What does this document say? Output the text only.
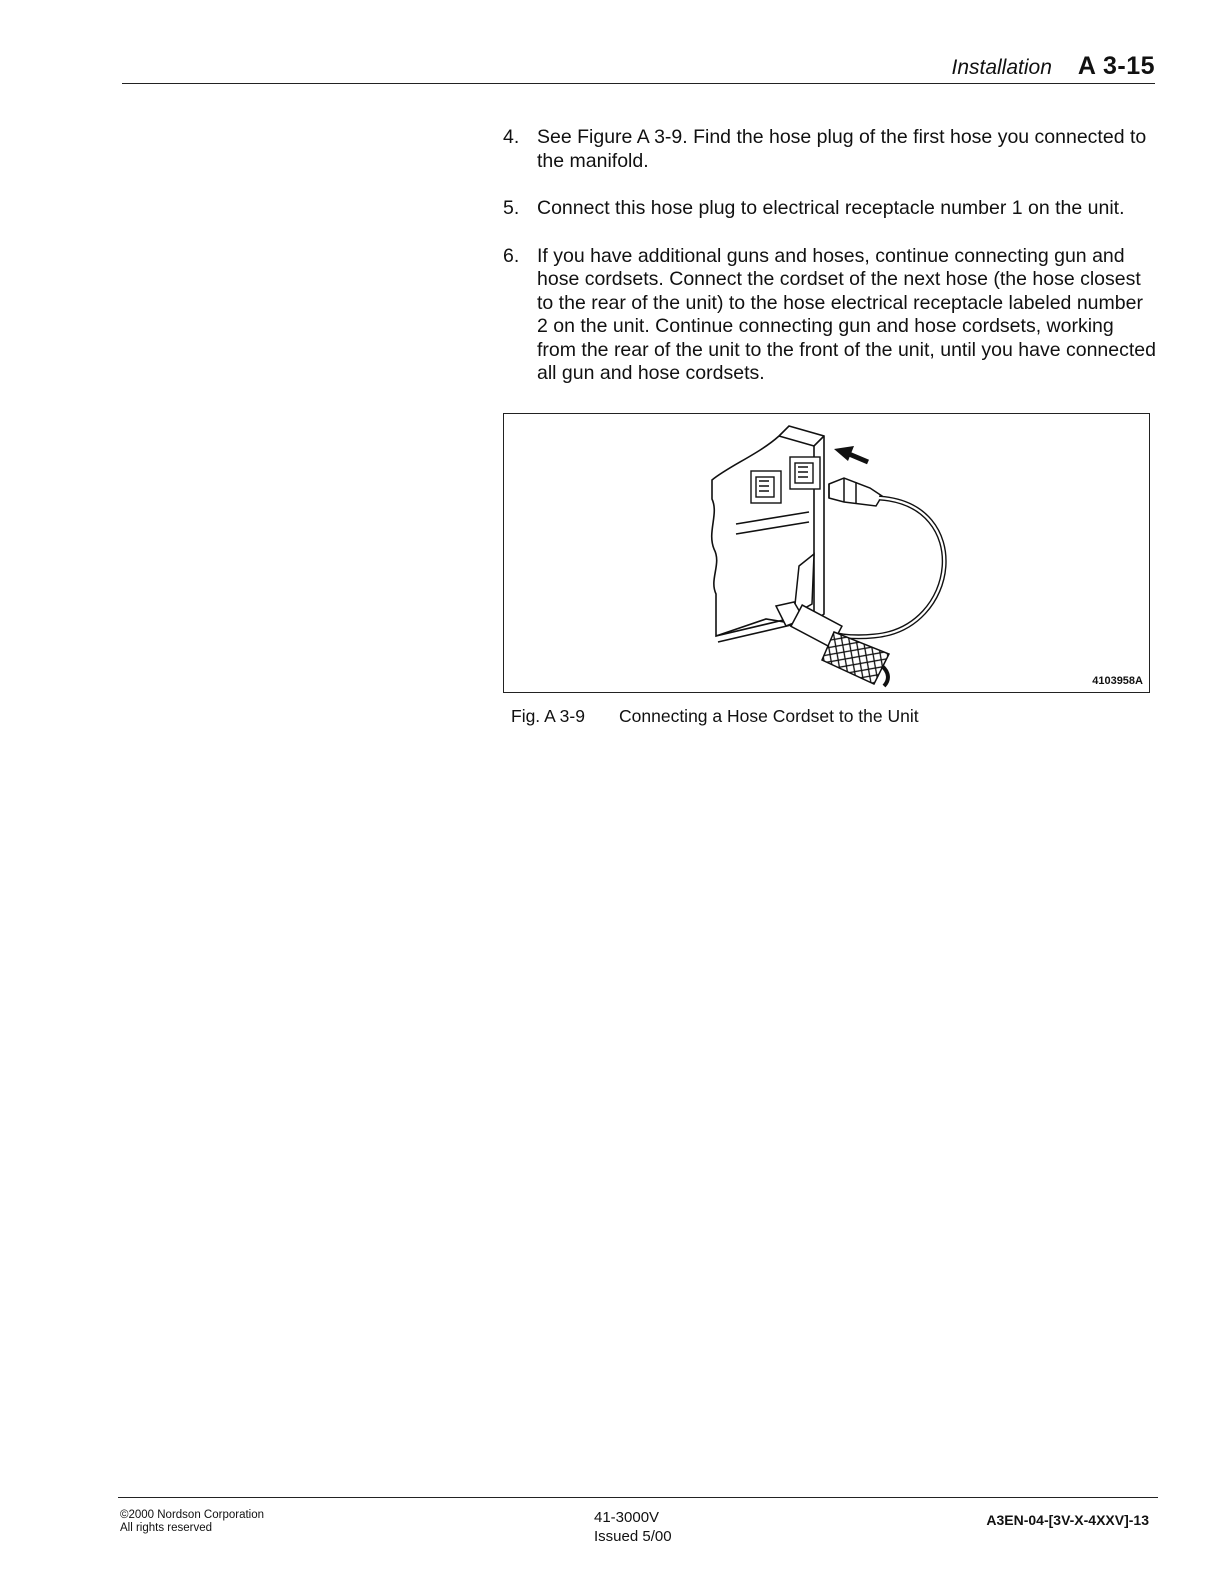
Installation A 3-15
4. See Figure A 3-9. Find the hose plug of the first hose you connected to the manifold.
5. Connect this hose plug to electrical receptacle number 1 on the unit.
6. If you have additional guns and hoses, continue connecting gun and hose cordsets. Connect the cordset of the next hose (the hose closest to the rear of the unit) to the hose electrical receptacle labeled number 2 on the unit. Continue connecting gun and hose cordsets, working from the rear of the unit to the front of the unit, until you have connected all gun and hose cordsets.
4103958A
Fig. A 3-9	Connecting a Hose Cordset to the Unit
©2000 Nordson Corporation
All rights reserved
41-3000V
Issued 5/00
A3EN-04-[3V-X-4XXV]-13
